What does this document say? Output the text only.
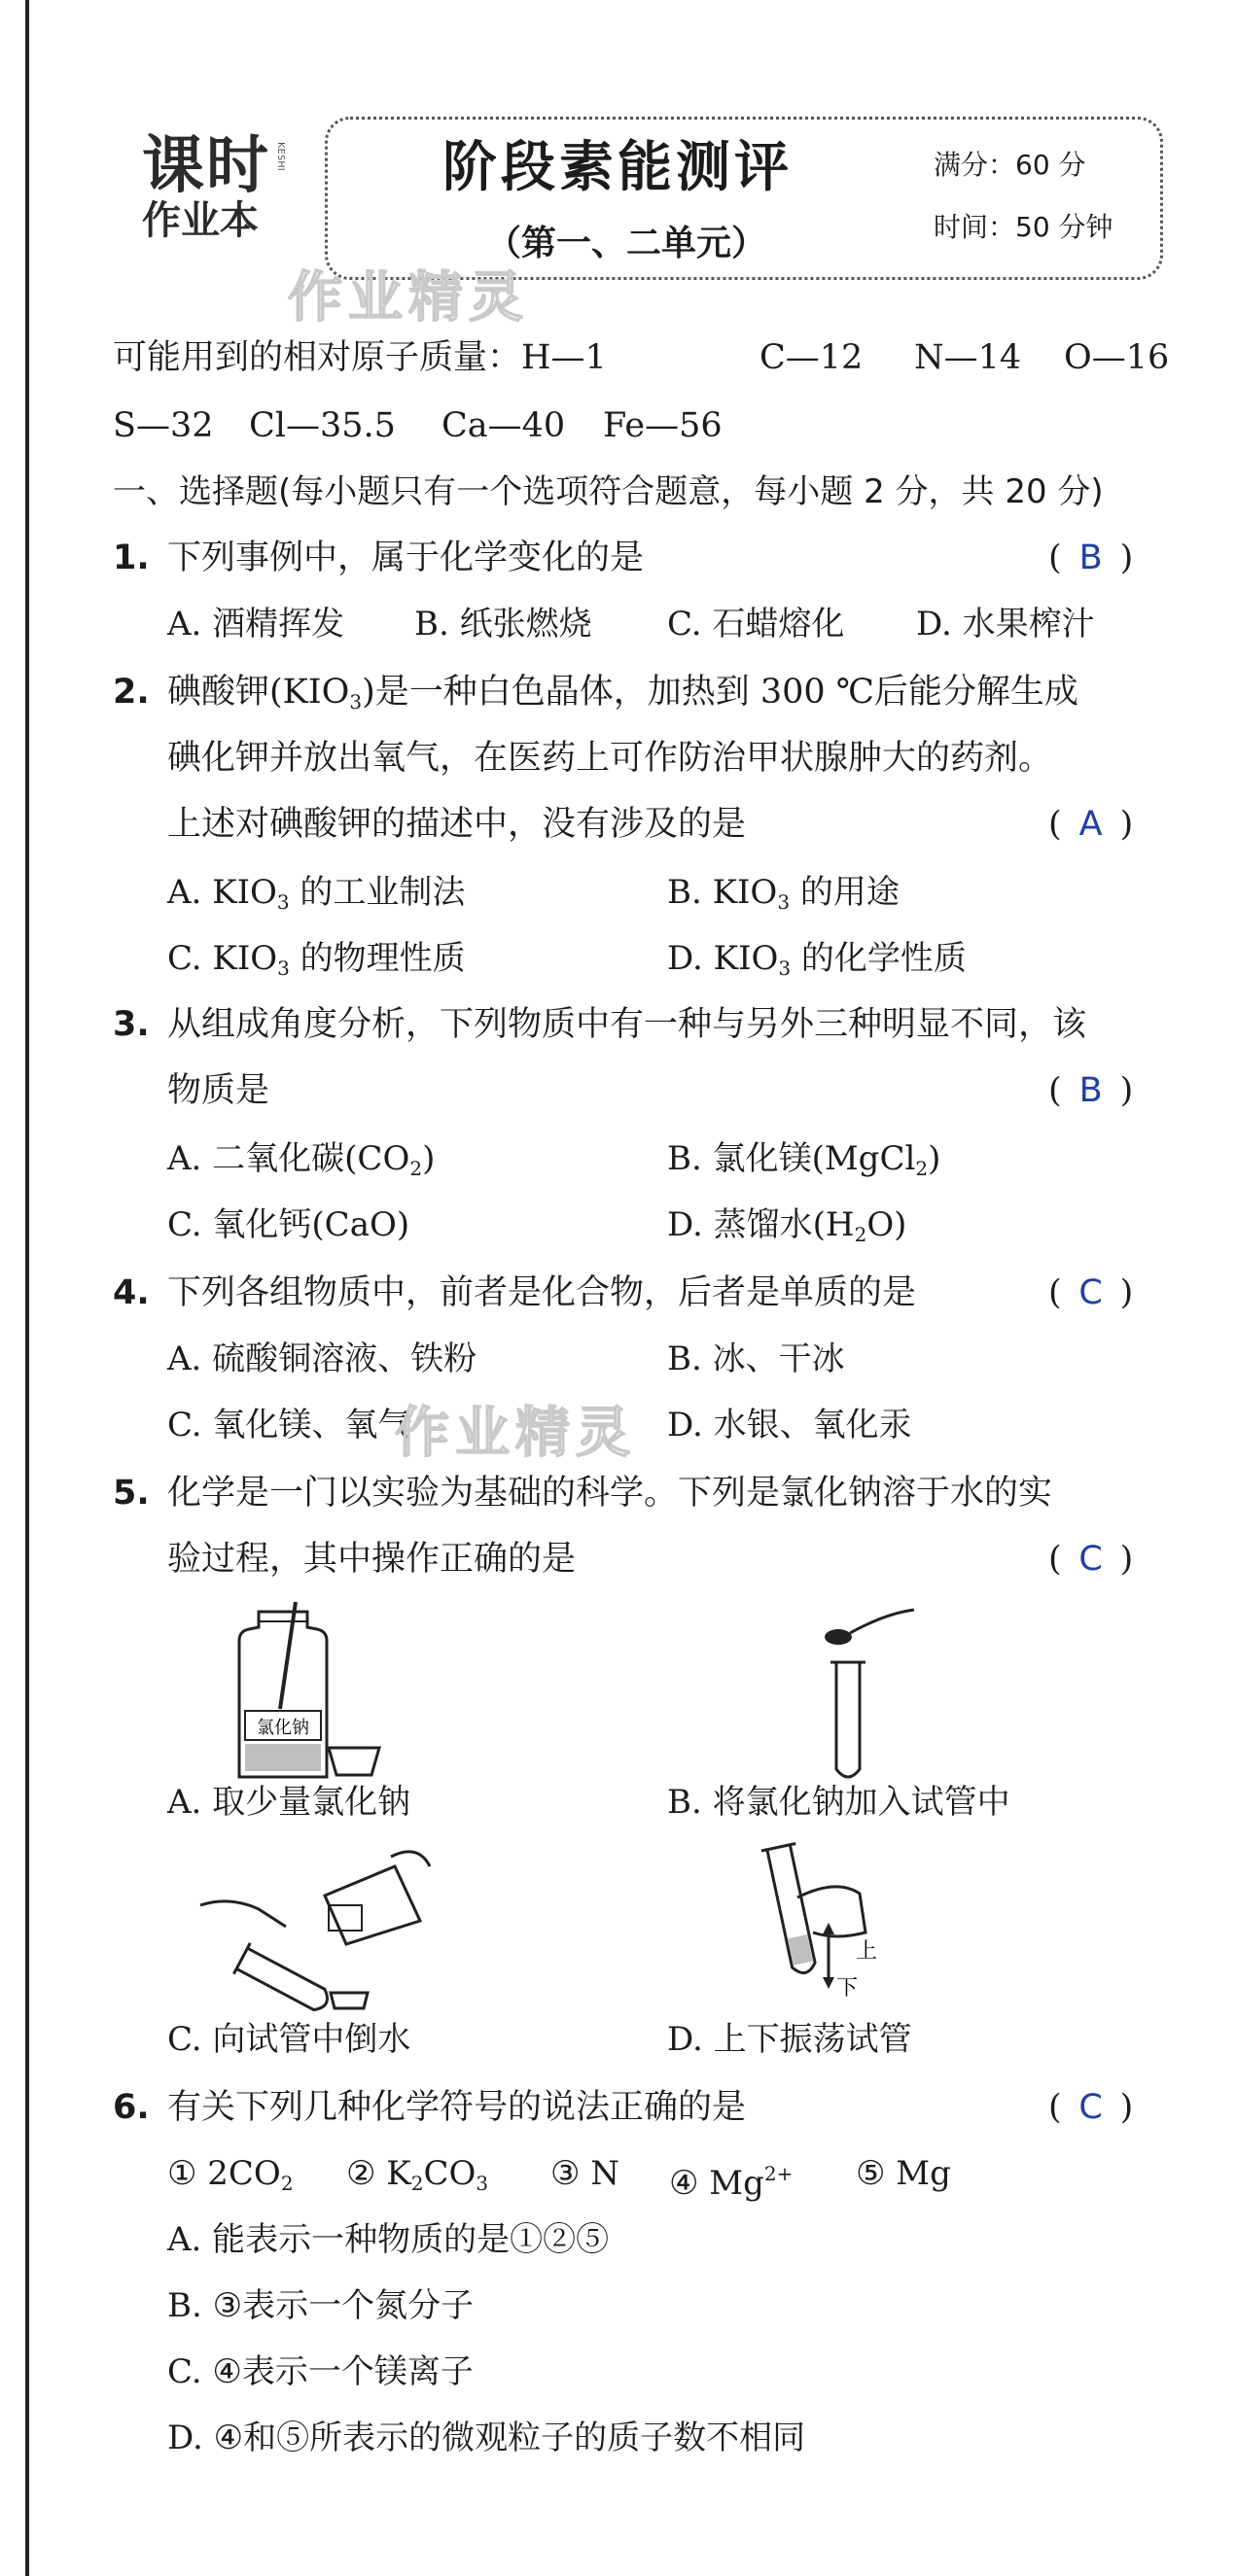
课时
作业本
KESHI	阶段素能测评
（第一、二单元）
满分：60 分
时间：50 分钟
作业精灵
可能用到的相对原子质量：H—1	C—12 N—14 O—16
S—32 Cl—35.5 Ca—40 Fe—56
一、选择题(每小题只有一个选项符合题意，每小题 2 分，共 20 分)
1. 下列事例中，属于化学变化的是	( B )
A. 酒精挥发 B. 纸张燃烧 C. 石蜡熔化 D. 水果榨汁
2. 碘酸钾$(KIO_3)$是一种白色晶体，加热到 300 ℃后能分解生成
碘化钾并放出氧气，在医药上可作防治甲状腺肿大的药剂。
上述对碘酸钾的描述中，没有涉及的是	( A )
A. $KIO_3$ 的工业制法	B. $KIO_3$ 的用途
C. $KIO_3$ 的物理性质	D. $KIO_3$ 的化学性质
3. 从组成角度分析，下列物质中有一种与另外三种明显不同，该
物质是	( B )
A. 二氧化碳$(CO_2)$	B. 氯化镁(MgCl$_2$)
C. 氧化钙(CaO)	D. 蒸馏水$(H_2O)$
4. 下列各组物质中，前者是化合物，后者是单质的是	( C )
A. 硫酸铜溶液、铁粉	B. 冰、干冰
C. 氧化镁、氧气	D. 水银、氧化汞
作业精灵
5. 化学是一门以实验为基础的科学。下列是氯化钠溶于水的实
验过程，其中操作正确的是	( C )
氯化钠
A. 取少量氯化钠	B. 将氯化钠加入试管中
上
下
C. 向试管中倒水	D. 上下振荡试管
6. 有关下列几种化学符号的说法正确的是	( C )
① $2CO_2$ ② $K_2CO_3$ ③ N ④ $Mg^{2+}$ ⑤ Mg
A. 能表示一种物质的是①②⑤
B. ③表示一个氮分子
C. ④表示一个镁离子
D. ④和⑤所表示的微观粒子的质子数不相同
